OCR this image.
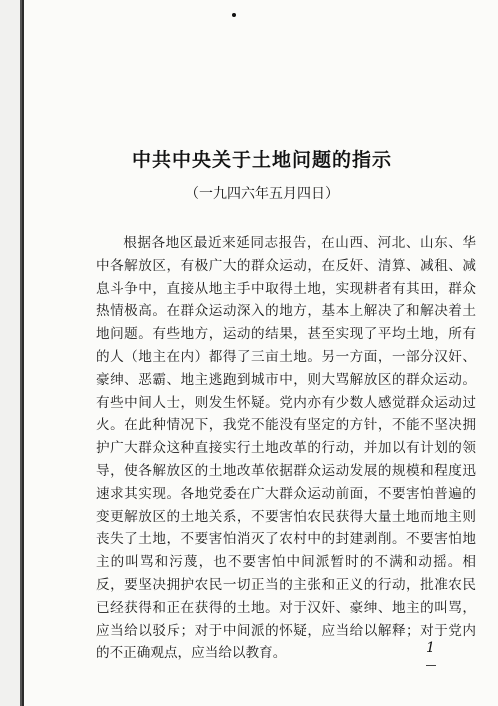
中共中央关于土地问题的指示
（一九四六年五月四日）

根据各地区最近来延同志报告，在山西、河北、山东、华中各解放区，有极广大的群众运动，在反奸、清算、减租、减息斗争中，直接从地主手中取得土地，实现耕者有其田，群众热情极高。在群众运动深入的地方，基本上解决了和解决着土地问题。有些地方，运动的结果，甚至实现了平均土地，所有的人（地主在内）都得了三亩土地。另一方面，一部分汉奸、豪绅、恶霸、地主逃跑到城市中，则大骂解放区的群众运动。有些中间人士，则发生怀疑。党内亦有少数人感觉群众运动过火。在此种情况下，我党不能没有坚定的方针，不能不坚决拥护广大群众这种直接实行土地改革的行动，并加以有计划的领导，使各解放区的土地改革依据群众运动发展的规模和程度迅速求其实现。各地党委在广大群众运动前面，不要害怕普遍的变更解放区的土地关系，不要害怕农民获得大量土地而地主则丧失了土地，不要害怕消灭了农村中的封建剥削。不要害怕地主的叫骂和污蔑，也不要害怕中间派暂时的不满和动摇。相反，要坚决拥护农民一切正当的主张和正义的行动，批准农民已经获得和正在获得的土地。对于汉奸、豪绅、地主的叫骂，应当给以驳斥；对于中间派的怀疑，应当给以解释；对于党内的不正确观点，应当给以教育。	1
